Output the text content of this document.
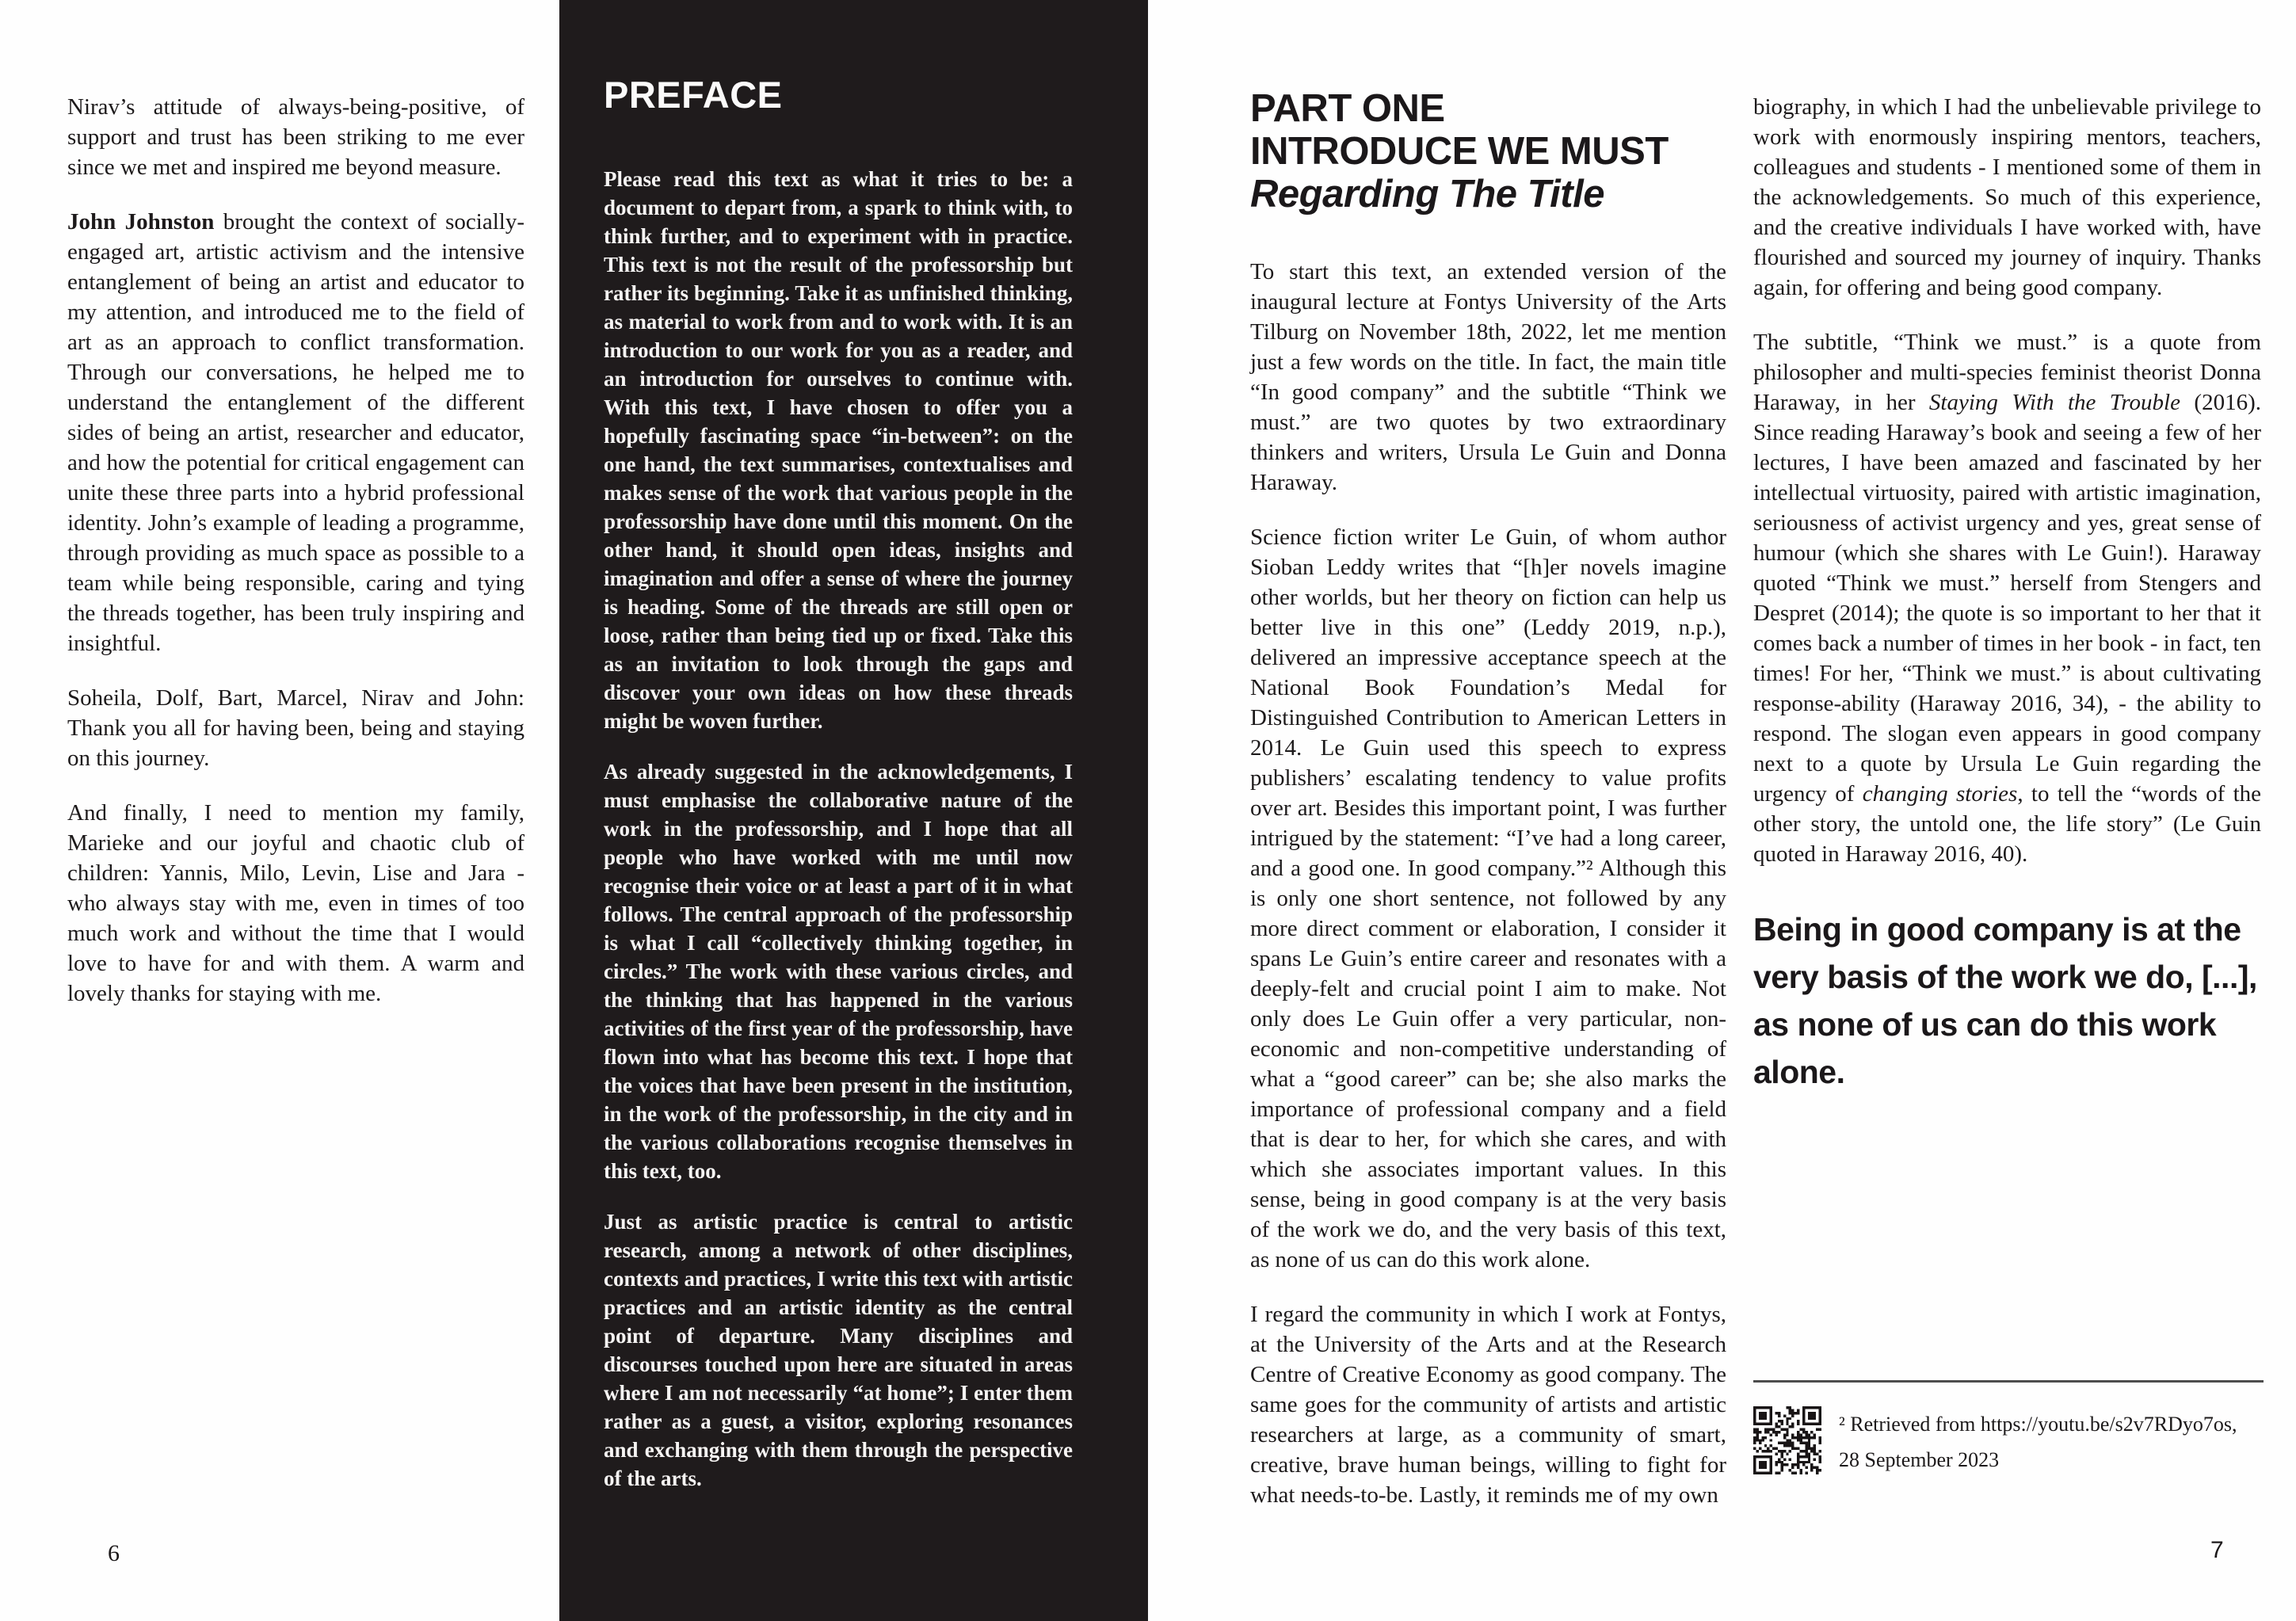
Nirav’s attitude of always-being-positive, of support and trust has been striking to me ever since we met and inspired me beyond measure.

John Johnston brought the context of socially-engaged art, artistic activism and the intensive entanglement of being an artist and educator to my attention, and introduced me to the field of art as an approach to conflict transformation. Through our conversations, he helped me to understand the entanglement of the different sides of being an artist, researcher and educator, and how the potential for critical engagement can unite these three parts into a hybrid professional identity. John’s example of leading a programme, through providing as much space as possible to a team while being responsible, caring and tying the threads together, has been truly inspiring and insightful.

Soheila, Dolf, Bart, Marcel, Nirav and John: Thank you all for having been, being and staying on this journey.

And finally, I need to mention my family, Marieke and our joyful and chaotic club of children: Yannis, Milo, Levin, Lise and Jara - who always stay with me, even in times of too much work and without the time that I would love to have for and with them. A warm and lovely thanks for staying with me.

PREFACE

Please read this text as what it tries to be: a document to depart from, a spark to think with, to think further, and to experiment with in practice. This text is not the result of the professorship but rather its beginning. Take it as unfinished thinking, as material to work from and to work with. It is an introduction to our work for you as a reader, and an introduction for ourselves to continue with. With this text, I have chosen to offer you a hopefully fascinating space “in-between”: on the one hand, the text summarises, contextualises and makes sense of the work that various people in the professorship have done until this moment. On the other hand, it should open ideas, insights and imagination and offer a sense of where the journey is heading. Some of the threads are still open or loose, rather than being tied up or fixed. Take this as an invitation to look through the gaps and discover your own ideas on how these threads might be woven further.

As already suggested in the acknowledgements, I must emphasise the collaborative nature of the work in the professorship, and I hope that all people who have worked with me until now recognise their voice or at least a part of it in what follows. The central approach of the professorship is what I call “collectively thinking together, in circles.” The work with these various circles, and the thinking that has happened in the various activities of the first year of the professorship, have flown into what has become this text. I hope that the voices that have been present in the institution, in the work of the professorship, in the city and in the various collaborations recognise themselves in this text, too.

Just as artistic practice is central to artistic research, among a network of other disciplines, contexts and practices, I write this text with artistic practices and an artistic identity as the central point of departure. Many disciplines and discourses touched upon here are situated in areas where I am not necessarily “at home”; I enter them rather as a guest, a visitor, exploring resonances and exchanging with them through the perspective of the arts.

PART ONE
INTRODUCE WE MUST
Regarding The Title

To start this text, an extended version of the inaugural lecture at Fontys University of the Arts Tilburg on November 18th, 2022, let me mention just a few words on the title. In fact, the main title “In good company” and the subtitle “Think we must.” are two quotes by two extraordinary thinkers and writers, Ursula Le Guin and Donna Haraway.

Science fiction writer Le Guin, of whom author Sioban Leddy writes that “[h]er novels imagine other worlds, but her theory on fiction can help us better live in this one” (Leddy 2019, n.p.), delivered an impressive acceptance speech at the National Book Foundation’s Medal for Distinguished Contribution to American Letters in 2014. Le Guin used this speech to express publishers’ escalating tendency to value profits over art. Besides this important point, I was further intrigued by the statement: “I’ve had a long career, and a good one. In good company.”² Although this is only one short sentence, not followed by any more direct comment or elaboration, I consider it spans Le Guin’s entire career and resonates with a deeply-felt and crucial point I aim to make. Not only does Le Guin offer a very particular, non-economic and non-competitive understanding of what a “good career” can be; she also marks the importance of professional company and a field that is dear to her, for which she cares, and with which she associates important values. In this sense, being in good company is at the very basis of the work we do, and the very basis of this text, as none of us can do this work alone.

I regard the community in which I work at Fontys, at the University of the Arts and at the Research Centre of Creative Economy as good company. The same goes for the community of artists and artistic researchers at large, as a community of smart, creative, brave human beings, willing to fight for what needs-to-be. Lastly, it reminds me of my own

biography, in which I had the unbelievable privilege to work with enormously inspiring mentors, teachers, colleagues and students - I mentioned some of them in the acknowledgements. So much of this experience, and the creative individuals I have worked with, have flourished and sourced my journey of inquiry. Thanks again, for offering and being good company.

The subtitle, “Think we must.” is a quote from philosopher and multi-species feminist theorist Donna Haraway, in her Staying With the Trouble (2016). Since reading Haraway’s book and seeing a few of her lectures, I have been amazed and fascinated by her intellectual virtuosity, paired with artistic imagination, seriousness of activist urgency and yes, great sense of humour (which she shares with Le Guin!). Haraway quoted “Think we must.” herself from Stengers and Despret (2014); the quote is so important to her that it comes back a number of times in her book - in fact, ten times! For her, “Think we must.” is about cultivating response-ability (Haraway 2016, 34), - the ability to respond. The slogan even appears in good company next to a quote by Ursula Le Guin regarding the urgency of changing stories, to tell the “words of the other story, the untold one, the life story” (Le Guin quoted in Haraway 2016, 40).

Being in good company is at the very basis of the work we do, [...], as none of us can do this work alone.
² Retrieved from https://youtu.be/s2v7RDyo7os, 28 September 2023
6	7
